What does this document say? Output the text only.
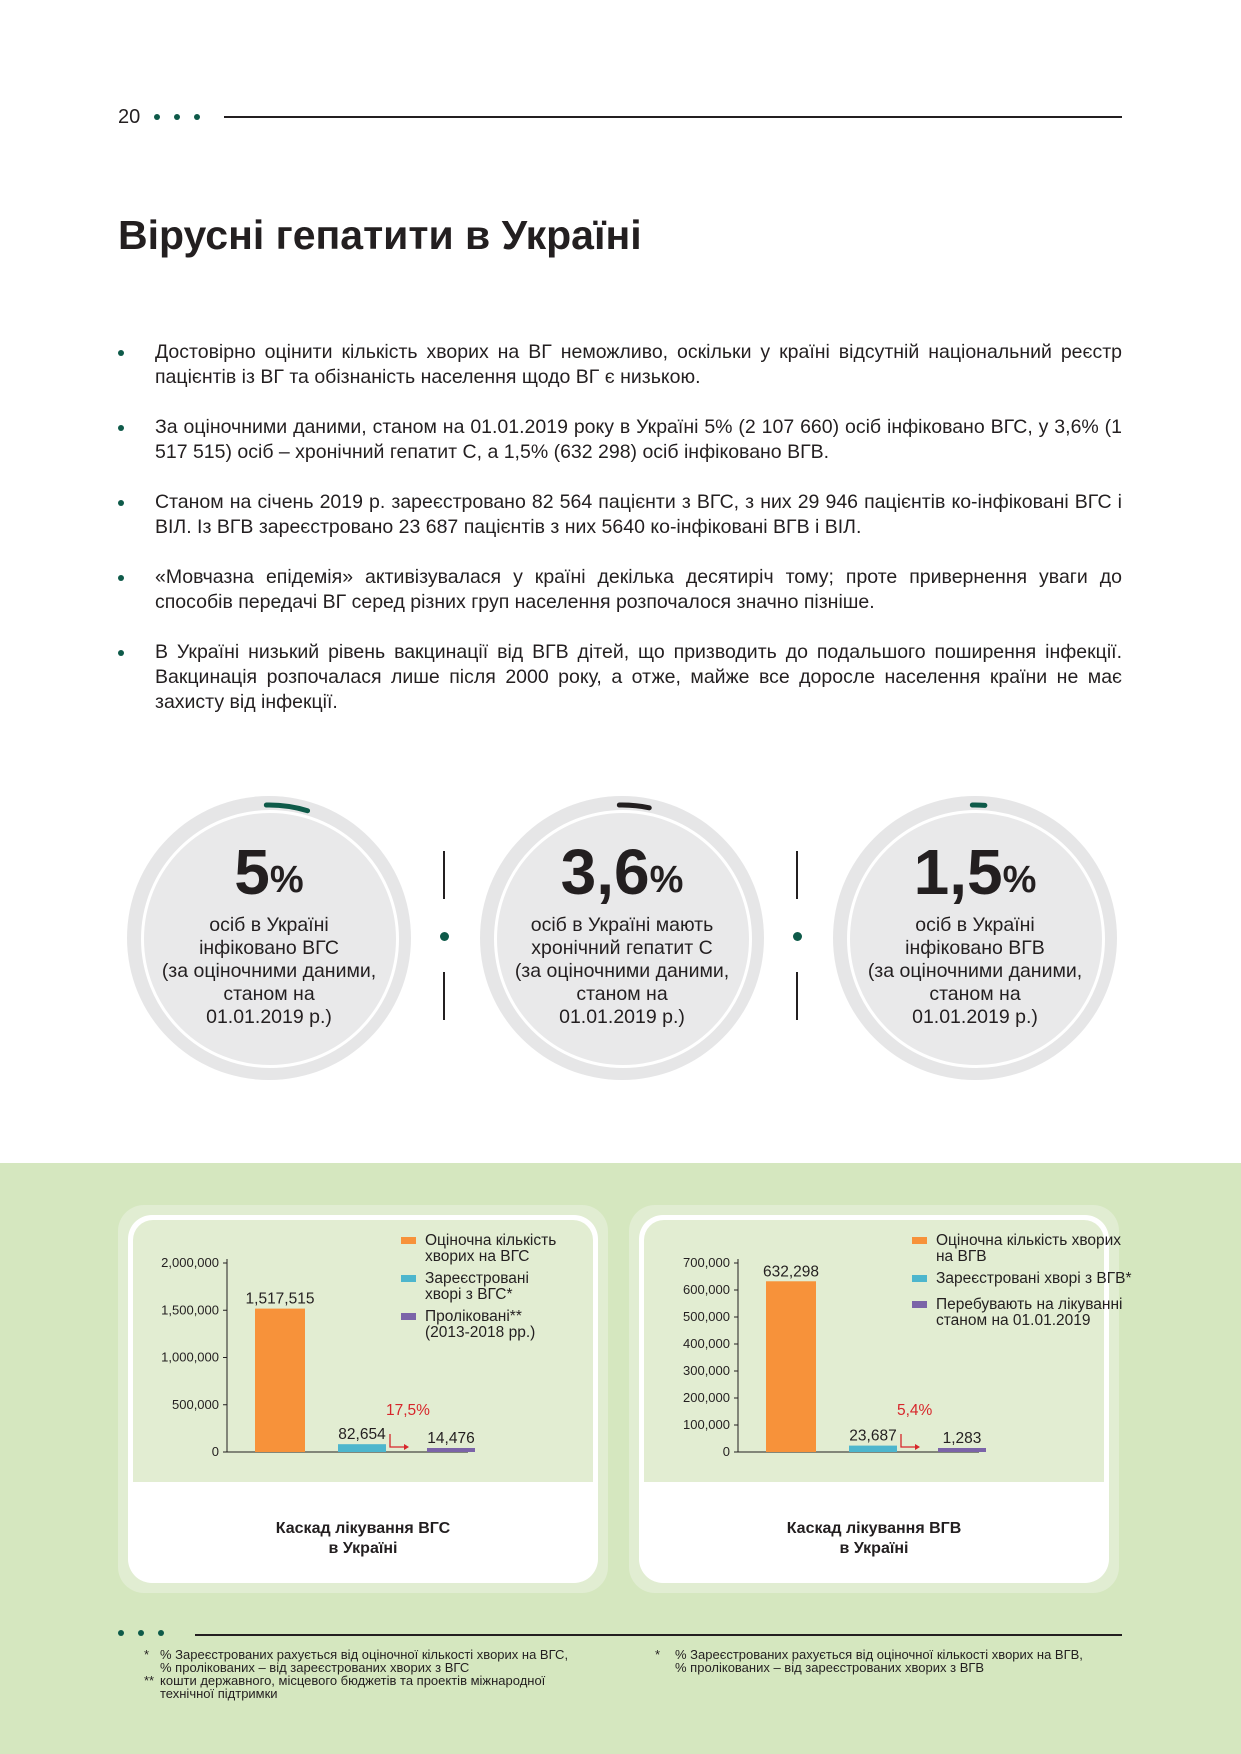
20
Вірусні гепатити в Україні
Достовірно оцінити кількість хворих на ВГ неможливо, оскільки у країні відсутній національний реєстр пацієнтів із ВГ та обізнаність населення щодо ВГ є низькою.
За оціночними даними, станом на 01.01.2019 року в Україні 5% (2 107 660) осіб інфіковано ВГС, у 3,6% (1 517 515) осіб – хронічний гепатит С, а 1,5% (632 298) осіб інфіковано ВГВ.
Станом на січень 2019 р. зареєстровано 82 564 пацієнти з ВГС, з них 29 946 пацієнтів ко-інфіковані ВГС і ВІЛ. Із ВГВ зареєстровано 23 687 пацієнтів з них 5640 ко-інфіковані ВГВ і ВІЛ.
«Мовчазна епідемія» активізувалася у країні декілька десятиріч тому; проте привернення уваги до способів передачі ВГ серед різних груп населення розпочалося значно пізніше.
В Україні низький рівень вакцинації від ВГВ дітей, що призводить до подальшого поширення інфекції. Вакцинація розпочалася лише після 2000 року, а отже, майже все доросле населення країни не має захисту від інфекції.
5%
осіб в Україні
інфіковано ВГС
(за оціночними даними,
станом на
01.01.2019 р.)
3,6%
осіб в Україні мають
хронічний гепатит С
(за оціночними даними,
станом на
01.01.2019 р.)
1,5%
осіб в Україні
інфіковано ВГВ
(за оціночними даними,
станом на
01.01.2019 р.)
0
500,000
1,000,000
1,500,000
2,000,000
1,517,515
82,654	14,476
17,5%
Оціночна кількість
хворих на ВГС
Зареєстровані
хворі з ВГС*
Проліковані**
(2013-2018 рр.)
Каскад лікування ВГС
в Україні
0
100,000
200,000
300,000
400,000
500,000
600,000
700,000
632,298
23,687	1,283
5,4%
Оціночна кількість хворих
на ВГВ
Зареєстровані хворі з ВГВ*
Перебувають на лікуванні
станом на 01.01.2019
Каскад лікування ВГВ
в Україні
* % Зареєстрованих рахується від оціночної кількості хворих на ВГС,
% пролікованих – від зареєстрованих хворих з ВГС
** кошти державного, місцевого бюджетів та проектів міжнародної
технічної підтримки
* % Зареєстрованих рахується від оціночної кількості хворих на ВГВ,
% пролікованих – від зареєстрованих хворих з ВГВ
